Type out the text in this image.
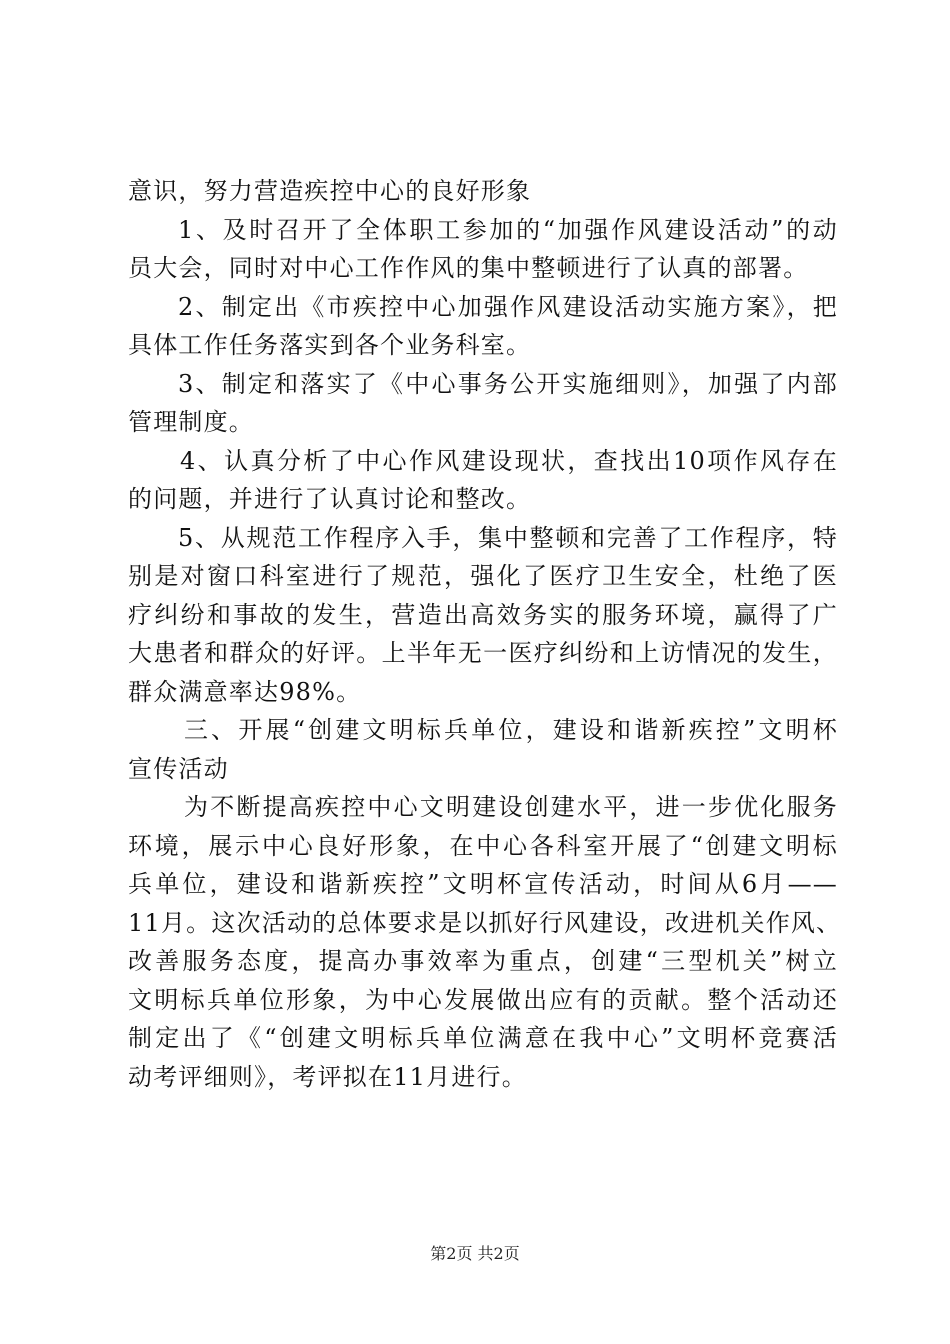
意识，努力营造疾控中心的良好形象
1、及时召开了全体职工参加的“加强作风建设活动”的动
员大会，同时对中心工作作风的集中整顿进行了认真的部署。
2、制定出《市疾控中心加强作风建设活动实施方案》，把
具体工作任务落实到各个业务科室。
3、制定和落实了《中心事务公开实施细则》，加强了内部
管理制度。
4、认真分析了中心作风建设现状，查找出10项作风存在
的问题，并进行了认真讨论和整改。
5、从规范工作程序入手，集中整顿和完善了工作程序，特
别是对窗口科室进行了规范，强化了医疗卫生安全，杜绝了医
疗纠纷和事故的发生，营造出高效务实的服务环境，赢得了广
大患者和群众的好评。上半年无一医疗纠纷和上访情况的发生，
群众满意率达98%。
三、开展“创建文明标兵单位，建设和谐新疾控”文明杯
宣传活动
为不断提高疾控中心文明建设创建水平，进一步优化服务
环境，展示中心良好形象，在中心各科室开展了“创建文明标
兵单位，建设和谐新疾控”文明杯宣传活动，时间从6月——
11月。这次活动的总体要求是以抓好行风建设，改进机关作风、
改善服务态度，提高办事效率为重点，创建“三型机关”树立
文明标兵单位形象，为中心发展做出应有的贡献。整个活动还
制定出了《“创建文明标兵单位满意在我中心”文明杯竞赛活
动考评细则》，考评拟在11月进行。
第2页 共2页
